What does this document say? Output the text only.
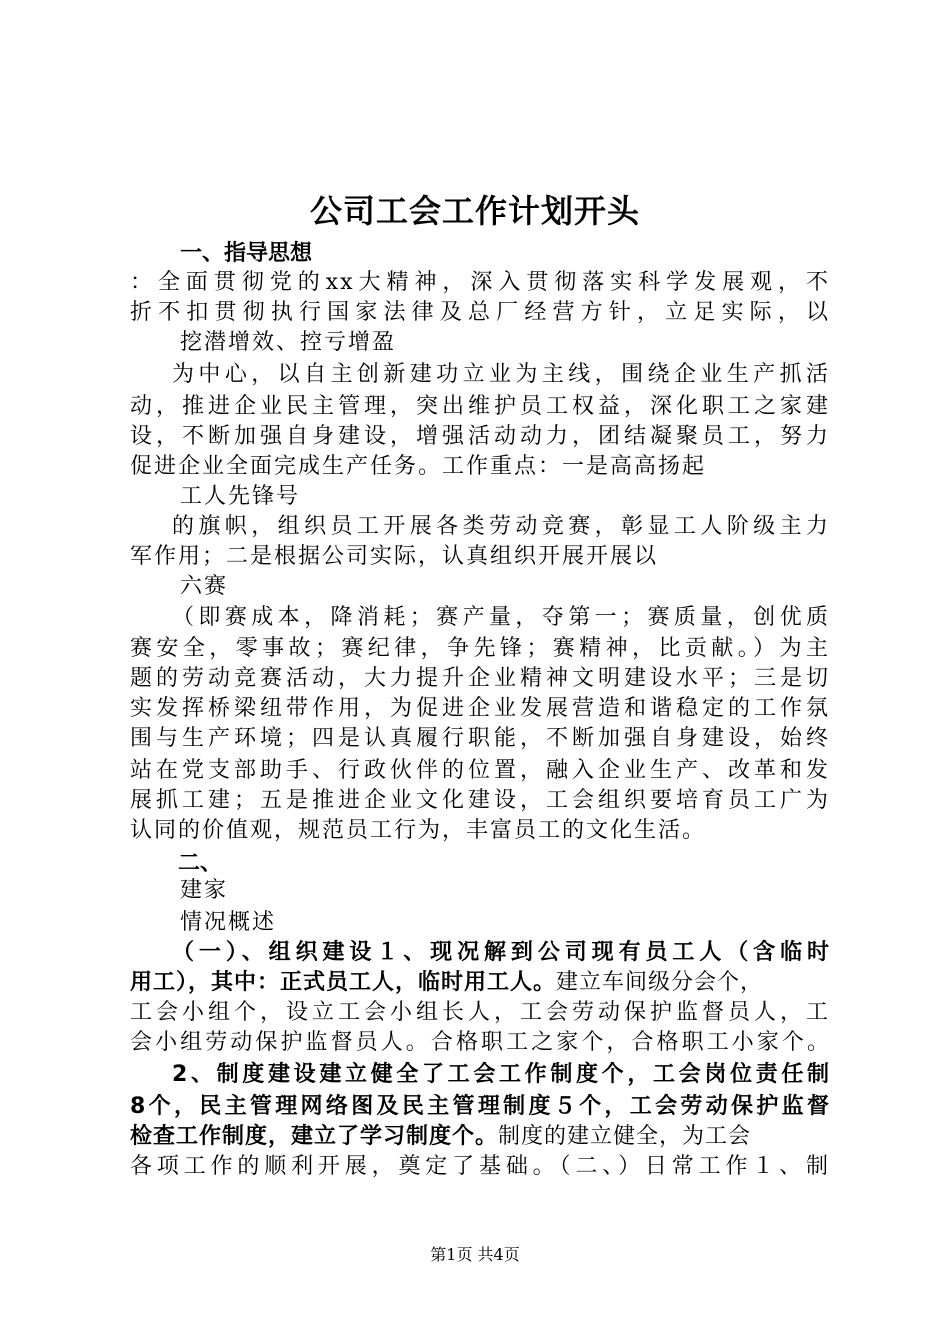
公司工会工作计划开头
一、指导思想
：全面贯彻党的xx大精神，深入贯彻落实科学发展观，不
折不扣贯彻执行国家法律及总厂经营方针，立足实际，以
挖潜增效、控亏增盈
为中心，以自主创新建功立业为主线，围绕企业生产抓活
动，推进企业民主管理，突出维护员工权益，深化职工之家建
设，不断加强自身建设，增强活动动力，团结凝聚员工，努力
促进企业全面完成生产任务。工作重点：一是高高扬起
工人先锋号
的旗帜，组织员工开展各类劳动竞赛，彰显工人阶级主力
军作用；二是根据公司实际，认真组织开展开展以
六赛
（即赛成本，降消耗；赛产量，夺第一；赛质量，创优质
赛安全，零事故；赛纪律，争先锋；赛精神，比贡献。）为主
题的劳动竞赛活动，大力提升企业精神文明建设水平；三是切
实发挥桥梁纽带作用，为促进企业发展营造和谐稳定的工作氛
围与生产环境；四是认真履行职能，不断加强自身建设，始终
站在党支部助手、行政伙伴的位置，融入企业生产、改革和发
展抓工建；五是推进企业文化建设，工会组织要培育员工广为
认同的价值观，规范员工行为，丰富员工的文化生活。
二、
建家
情况概述
（一）、组织建设１、现况解到公司现有员工人（含临时
用工），其中：正式员工人，临时用工人。建立车间级分会个，
工会小组个，设立工会小组长人，工会劳动保护监督员人，工
会小组劳动保护监督员人。合格职工之家个，合格职工小家个。
2、制度建设建立健全了工会工作制度个，工会岗位责任制
8个，民主管理网络图及民主管理制度５个，工会劳动保护监督
检查工作制度，建立了学习制度个。制度的建立健全，为工会
各项工作的顺利开展，奠定了基础。（二、）日常工作１、制
第1页 共4页
